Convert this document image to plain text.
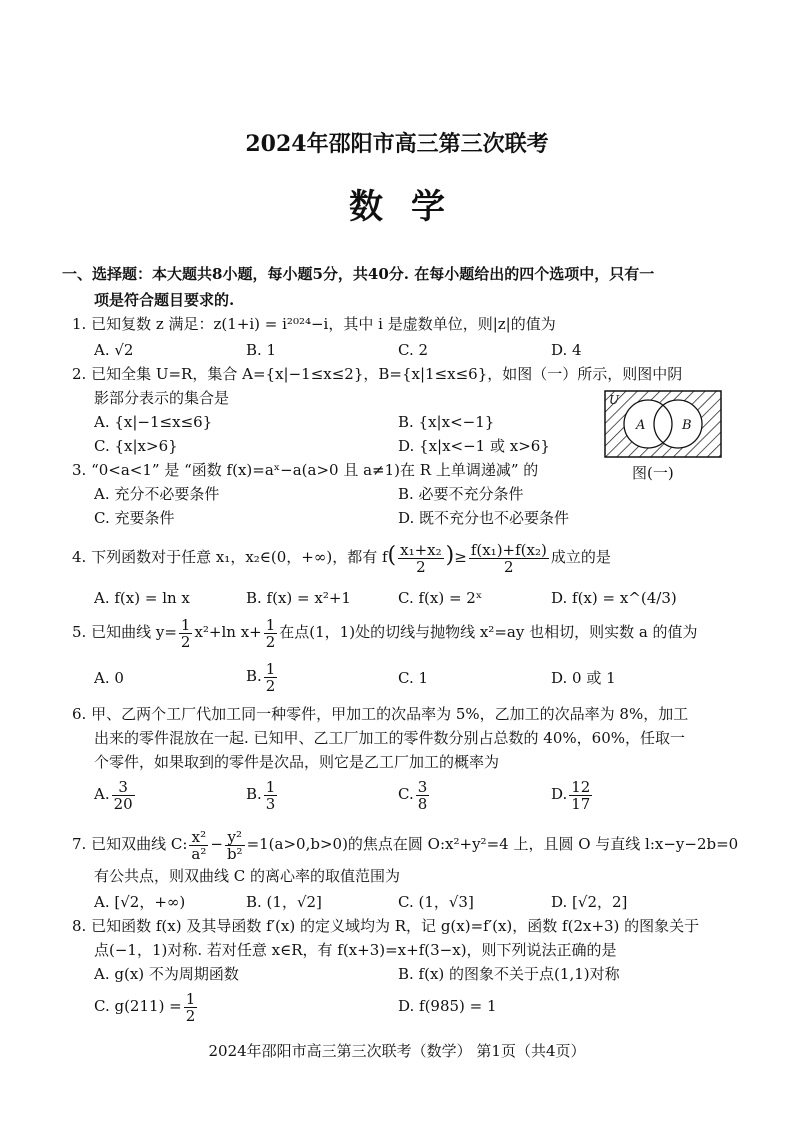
2024年邵阳市高三第三次联考
数学
一、选择题：本大题共8小题，每小题5分，共40分. 在每小题给出的四个选项中，只有一
项是符合题目要求的.
1. 已知复数 z 满足：z(1+i) = i²⁰²⁴−i，其中 i 是虚数单位，则|z|的值为
A. √2	B. 1	C. 2	D. 4
2. 已知全集 U=R，集合 A={x|−1≤x≤2}，B={x|1≤x≤6}，如图（一）所示，则图中阴
影部分表示的集合是
A. {x|−1≤x≤6}	B. {x|x<−1}
C. {x|x>6}	D. {x|x<−1 或 x>6}
U
A	B
图(一)
3. “0<a<1” 是 “函数 f(x)=aˣ−a(a>0 且 a≠1)在 R 上单调递减” 的
A. 充分不必要条件	B. 必要不充分条件
C. 充要条件	D. 既不充分也不必要条件
4. 下列函数对于任意 x₁，x₂∈(0，+∞)，都有 $f( \frac{\text{x₁+x₂}}{2}$ )≥ $\frac{\text{f(x₁)+f(x₂)}}{2}$ 成立的是
A. f(x) = ln x	B. f(x) = x²+1	C. f(x) = 2ˣ	D. f(x) = x^(4/3)
5. 已知曲线 $y= \frac{1}{2} x^2+\ln$ $x+ \frac{1}{2}$ 在点(1，1)处的切线与抛物线 x²=ay 也相切，则实数 a 的值为
A. 0	B. $\frac{1}{2}$	C. 1	D. 0 或 1
6. 甲、乙两个工厂代加工同一种零件，甲加工的次品率为 5%，乙加工的次品率为 8%，加工
出来的零件混放在一起. 已知甲、乙工厂加工的零件数分别占总数的 40%，60%，任取一
个零件，如果取到的零件是次品，则它是乙工厂加工的概率为
A. $\frac{3}{20}$	B. $\frac{1}{3}$	C. $\frac{3}{8}$	D. $\frac{12}{17}$
7. 已知双曲线 C: $\frac{\text{x²}}{\text{a²}} - \frac{\text{y²}}{\text{b²}} =1(a>0,b>0)$的焦点在圆 O:x²+y²=4 上，且圆 O 与直线 l:x−y−2b=0
有公共点，则双曲线 C 的离心率的取值范围为
A. [√2，+∞)	B. (1，√2]	C. (1，√3]	D. [√2，2]
8. 已知函数 f(x) 及其导函数 f′(x) 的定义域均为 R，记 g(x)=f′(x)，函数 f(2x+3) 的图象关于
点(−1，1)对称. 若对任意 x∈R，有 f(x+3)=x+f(3−x)，则下列说法正确的是
A. g(x) 不为周期函数	B. f(x) 的图象不关于点(1,1)对称
C. $g(211) = \frac{1}{2}$	D. f(985) = 1
2024年邵阳市高三第三次联考（数学） 第1页（共4页）
